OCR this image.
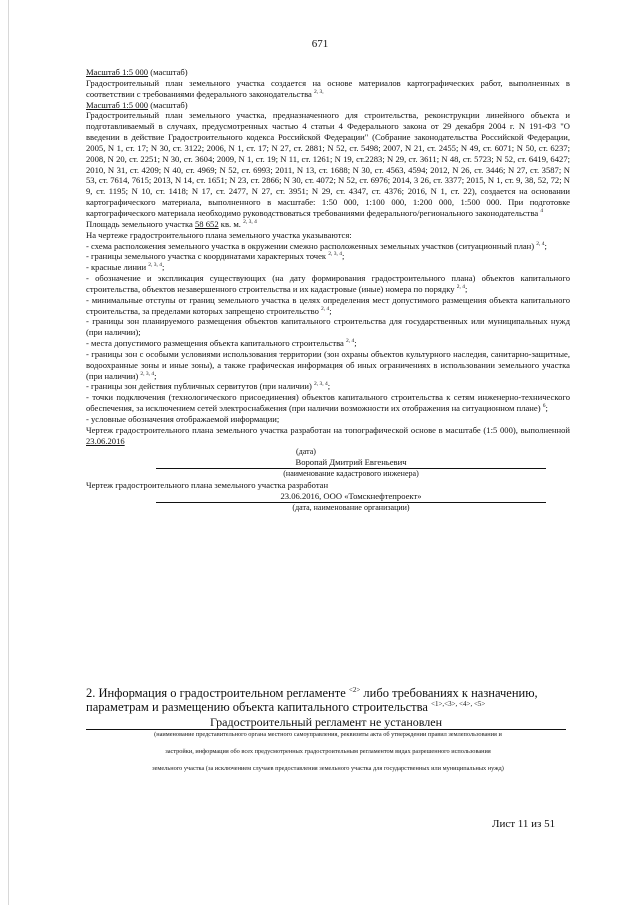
671

Масштаб 1:5 000 (масштаб)

Градостроительный план земельного участка создается на основе материалов картографических работ, выполненных в соответствии с требованиями федерального законодательства $^{2, 3,}$

Масштаб 1:5 000 (масштаб)

Градостроительный план земельного участка, предназначенного для строительства, реконструкции линейного объекта и подготавливаемый в случаях, предусмотренных частью 4 статьи 4 Федерального закона от 29 декабря 2004 г. N 191-ФЗ "О введении в действие Градостроительного кодекса Российской Федерации" (Собрание законодательства Российской Федерации, 2005, N 1, ст. 17; N 30, ст. 3122; 2006, N 1, ст. 17; N 27, ст. 2881; N 52, ст. 5498; 2007, N 21, ст. 2455; N 49, ст. 6071; N 50, ст. 6237; 2008, N 20, ст. 2251; N 30, ст. 3604; 2009, N 1, ст. 19; N 11, ст. 1261; N 19, ст.2283; N 29, ст. 3611; N 48, ст. 5723; N 52, ст. 6419, 6427; 2010, N 31, ст. 4209; N 40, ст. 4969; N 52, ст. 6993; 2011, N 13, ст. 1688; N 30, ст. 4563, 4594; 2012, N 26, ст. 3446; N 27, ст. 3587; N 53, ст. 7614, 7615; 2013, N 14, ст. 1651; N 23, ст. 2866; N 30, ст. 4072; N 52, ст. 6976; 2014, 3 26, ст. 3377; 2015, N 1, ст. 9, 38, 52, 72; N 9, ст. 1195; N 10, ст. 1418; N 17, ст. 2477, N 27, ст. 3951; N 29, ст. 4347, ст. 4376; 2016, N 1, ст. 22), создается на основании картографического материала, выполненного в масштабе: 1:50 000, 1:100 000, 1:200 000, 1:500 000. При подготовке картографического материала необходимо руководствоваться требованиями федерального/регионального законодательства $^4$

Площадь земельного участка 58 652 кв. м. $^{2, 3, 4}$

На чертеже градостроительного плана земельного участка указываются:

- схема расположения земельного участка в окружении смежно расположенных земельных участков (ситуационный план) $^{2, 4}$;

- границы земельного участка с координатами характерных точек $^{2, 3, 4}$;

- красные линии $^{2, 3, 4}$;

- обозначение и экспликация существующих (на дату формирования градостроительного плана) объектов капитального строительства, объектов незавершенного строительства и их кадастровые (иные) номера по порядку $^{2, 4}$;

- минимальные отступы от границ земельного участка в целях определения мест допустимого размещения объекта капитального строительства, за пределами которых запрещено строительство $^{2, 4}$;

- границы зон планируемого размещения объектов капитального строительства для государственных или муниципальных нужд (при наличии);

- места допустимого размещения объекта капитального строительства $^{2, 4}$;

- границы зон с особыми условиями использования территории (зон охраны объектов культурного наследия, санитарно-защитные, водоохранные зоны и иные зоны), а также графическая информация об иных ограничениях в использовании земельного участка (при наличии) $^{2, 3, 4}$;

- границы зон действия публичных сервитутов (при наличии) $^{2, 3, 4}$;

- точки подключения (технологического присоединения) объектов капитального строительства к сетям инженерно-технического обеспечения, за исключением сетей электроснабжения (при наличии возможности их отображения на ситуационном плане) $^6$;

- условные обозначения отображаемой информации;

Чертеж градостроительного плана земельного участка разработан на топографической основе в масштабе (1:5 000), выполненной 23.06.2016

(дата)
Воропай Дмитрий Евгеньевич
(наименование кадастрового инженера)

Чертеж градостроительного плана земельного участка разработан

23.06.2016, ООО «Томскнефтепроект»
(дата, наименование организации)
2. Информация о градостроительном регламенте $^{<2>}$ либо требованиях к назначению, параметрам и размещению объекта капитального строительства $^{<1>,<3>, <4>, <5>}$
Градостроительный регламент не установлен
(наименование представительного органа местного самоуправления, реквизиты акта об утверждении правил землепользования и
застройки, информация обо всех предусмотренных градостроительным регламентом видах разрешенного использования
земельного участка (за исключением случаев предоставления земельного участка для государственных или муниципальных нужд)
Лист 11 из 51
